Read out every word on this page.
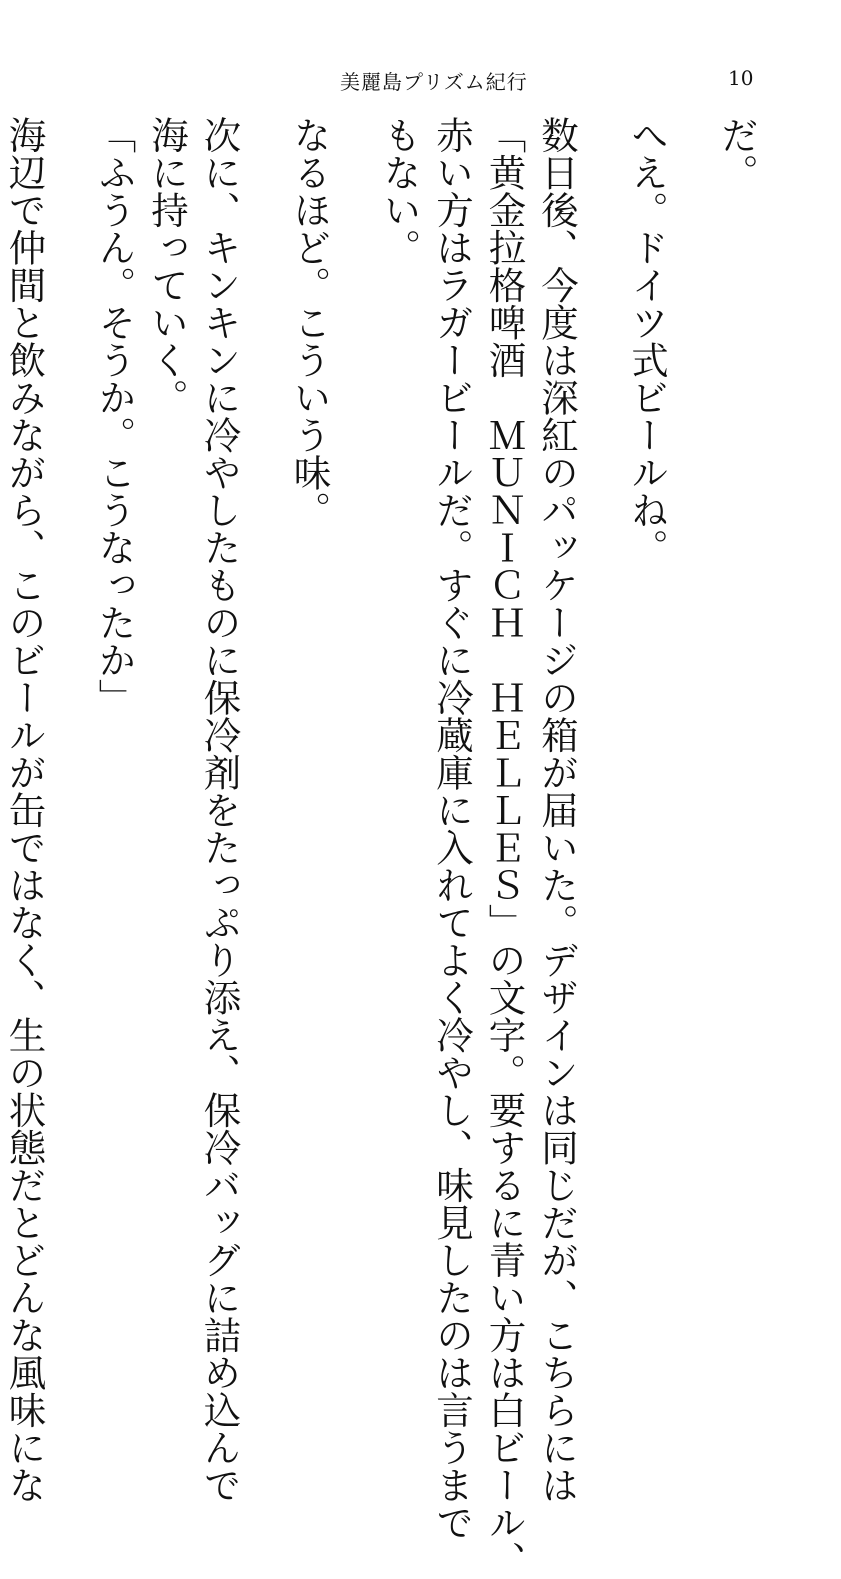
美麗島プリズム紀行	10
だ。
へえ。ドイツ式ビールね。
数日後、今度は深紅のパッケージの箱が届いた。デザインは同じだが、こちらには
「黄金拉格啤酒　ＭＵＮＩＣＨ　ＨＥＬＬＥＳ」の文字。要するに青い方は白ビール、
赤い方はラガービールだ。すぐに冷蔵庫に入れてよく冷やし、味見したのは言うまで
もない。
なるほど。こういう味。
次に、キンキンに冷やしたものに保冷剤をたっぷり添え、保冷バッグに詰め込んで
海に持っていく。
「ふうん。そうか。こうなったか」
海辺で仲間と飲みながら、このビールが缶ではなく、生の状態だとどんな風味にな
